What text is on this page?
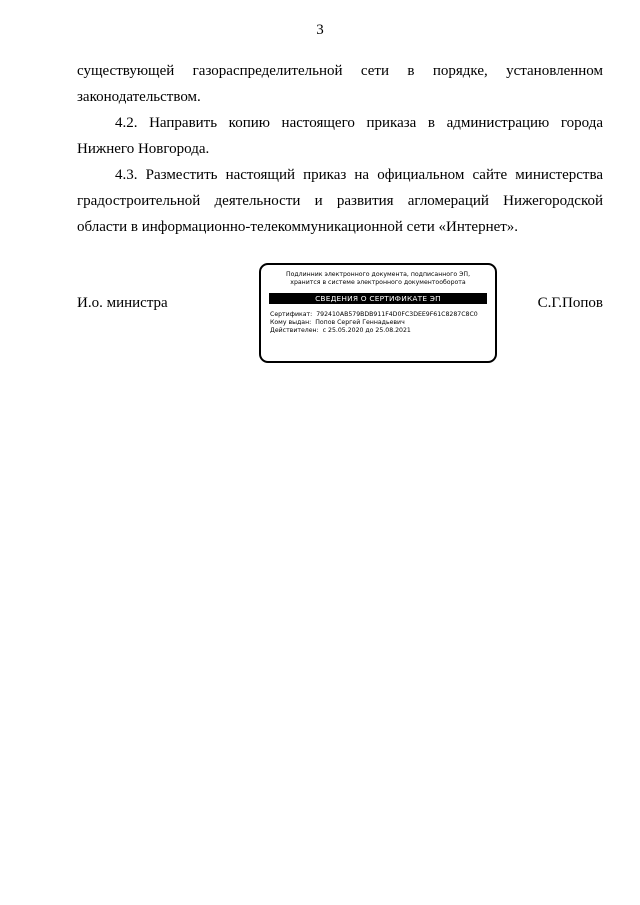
3

существующей газораспределительной сети в порядке, установленном законодательством.

4.2. Направить копию настоящего приказа в администрацию города Нижнего Новгорода.

4.3. Разместить настоящий приказ на официальном сайте министерства градостроительной деятельности и развития агломераций Нижегородской области в информационно-телекоммуникационной сети «Интернет».

И.о. министра
Подлинник электронного документа, подписанного ЭП,
хранится в системе электронного документооборота
СВЕДЕНИЯ О СЕРТИФИКАТЕ ЭП
Сертификат: 792410AB579BDB911F4D0FC3DEE9F61C8287C8C0
Кому выдан: Попов Сергей Геннадьевич
Действителен: с 25.05.2020 до 25.08.2021
С.Г.Попов
